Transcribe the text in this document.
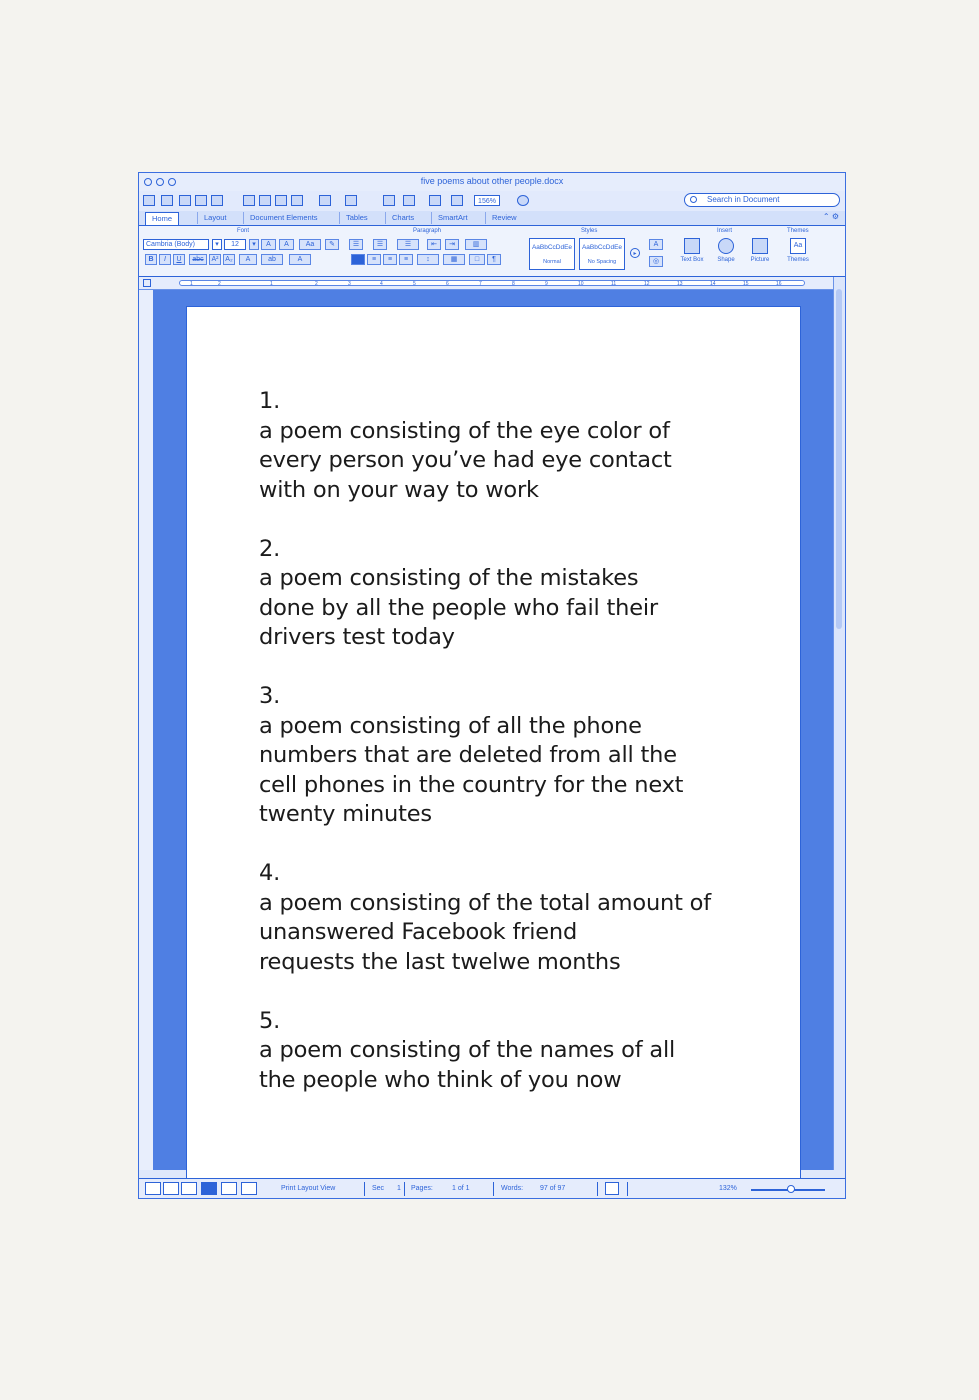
five poems about other people.docx
156%	Search in Document
Home	Layout	Document Elements	Tables	Charts	SmartArt	Review	⌃ ⚙
Font	Paragraph	Styles	Insert	Themes
Cambria (Body)	▾	12	▾	A	A	Aa	✎
B	I	U	abc	A² A₂	A	ab	A
☰	☰	☰	⇤	⇥	▥
≡	≡	≡	↕	▦	□	¶
AaBbCcDdEe
Normal
AaBbCcDdEe
No Spacing
▸
A
◎	Text Box	Shape	Picture
Aa
Themes
1	2	1	2	3	4	5	6	7	8	9	10	11	12	13	14	15	16
Print Layout View	Sec 1 Pages:	1 of 1	Words: 97 of 97	132%

1.

a poem consisting of the eye color of

every person you’ve had eye contact

with on your way to work

2.

a poem consisting of the mistakes

done by all the people who fail their

drivers test today

3.

a poem consisting of all the phone

numbers that are deleted from all the

cell phones in the country for the next

twenty minutes

4.

a poem consisting of the total amount of

unanswered Facebook friend

requests the last twelwe months

5.

a poem consisting of the names of all

the people who think of you now
